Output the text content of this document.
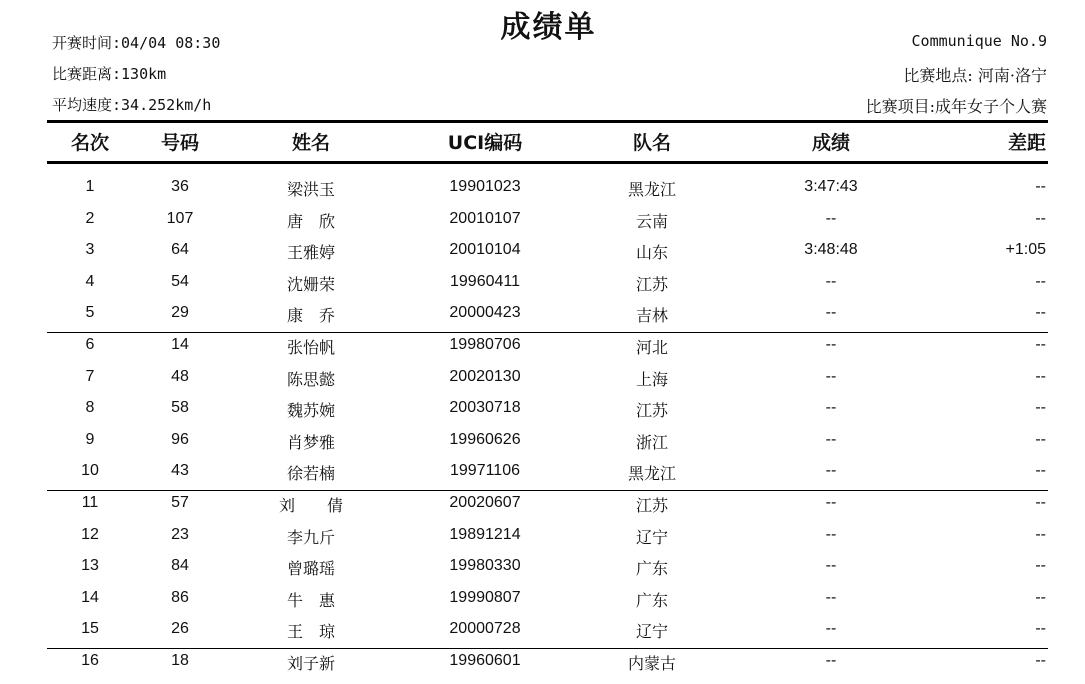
成绩单
开赛时间:04/04 08:30
比赛距离:130km
平均速度:34.252km/h
Communique No.9
比赛地点: 河南·洛宁
比赛项目:成年女子个人赛
名次	号码	姓名	UCI编码	队名	成绩	差距
1	36	梁洪玉	19901023	黑龙江	3:47:43	--
2	107	唐　欣	20010107	云南	--	--
3	64	王雅婷	20010104	山东	3:48:48	+1:05
4	54	沈姗荣	19960411	江苏	--	--
5	29	康　乔	20000423	吉林	--	--
6	14	张怡帆	19980706	河北	--	--
7	48	陈思懿	20020130	上海	--	--
8	58	魏苏婉	20030718	江苏	--	--
9	96	肖梦雅	19960626	浙江	--	--
10	43	徐若楠	19971106	黑龙江	--	--
11	57	刘　　倩	20020607	江苏	--	--
12	23	李九斤	19891214	辽宁	--	--
13	84	曾璐瑶	19980330	广东	--	--
14	86	牛　惠	19990807	广东	--	--
15	26	王　琼	20000728	辽宁	--	--
16	18	刘子新	19960601	内蒙古	--	--
